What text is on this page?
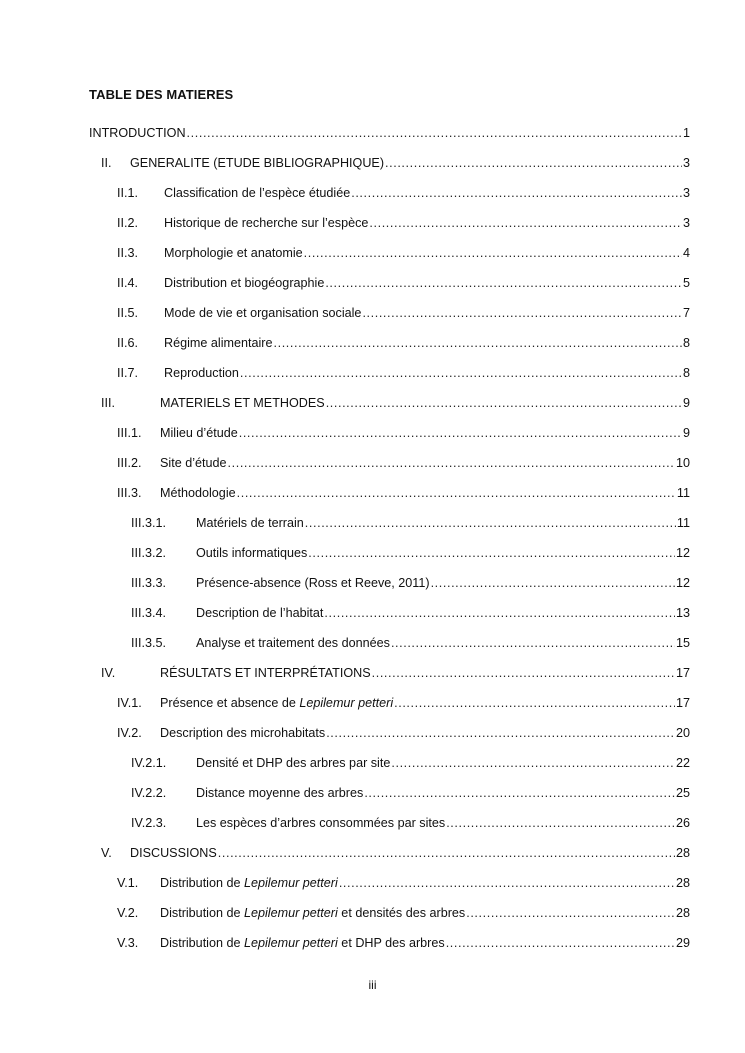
TABLE DES MATIERES
INTRODUCTION .....	1
II.	GENERALITE (ETUDE BIBLIOGRAPHIQUE) .....	3
II.1.	Classification de l’espèce étudiée .....	3
II.2.	Historique de recherche sur l’espèce .....	3
II.3.	Morphologie et anatomie .....	4
II.4.	Distribution et biogéographie .....	5
II.5.	Mode de vie et organisation sociale .....	7
II.6.	Régime alimentaire .....	8
II.7.	Reproduction .....	8
III.	MATERIELS ET METHODES .....	9
III.1.	Milieu d’étude .....	9
III.2.	Site d’étude .....	10
III.3.	Méthodologie .....	11
III.3.1.	Matériels de terrain .....	11
III.3.2.	Outils informatiques .....	12
III.3.3.	Présence-absence (Ross et Reeve, 2011) .....	12
III.3.4.	Description de l’habitat .....	13
III.3.5.	Analyse et traitement des données .....	15
IV.	RÉSULTATS ET INTERPRÉTATIONS .....	17
IV.1.	Présence et absence de Lepilemur petteri .....	17
IV.2.	Description des microhabitats .....	20
IV.2.1.	Densité et DHP des arbres par site .....	22
IV.2.2.	Distance moyenne des arbres .....	25
IV.2.3.	Les espèces d’arbres consommées par sites .....	26
V.	DISCUSSIONS .....	28
V.1.	Distribution de Lepilemur petteri .....	28
V.2.	Distribution de Lepilemur petteri et densités des arbres .....	28
V.3.	Distribution de Lepilemur petteri et DHP des arbres .....	29
iii
